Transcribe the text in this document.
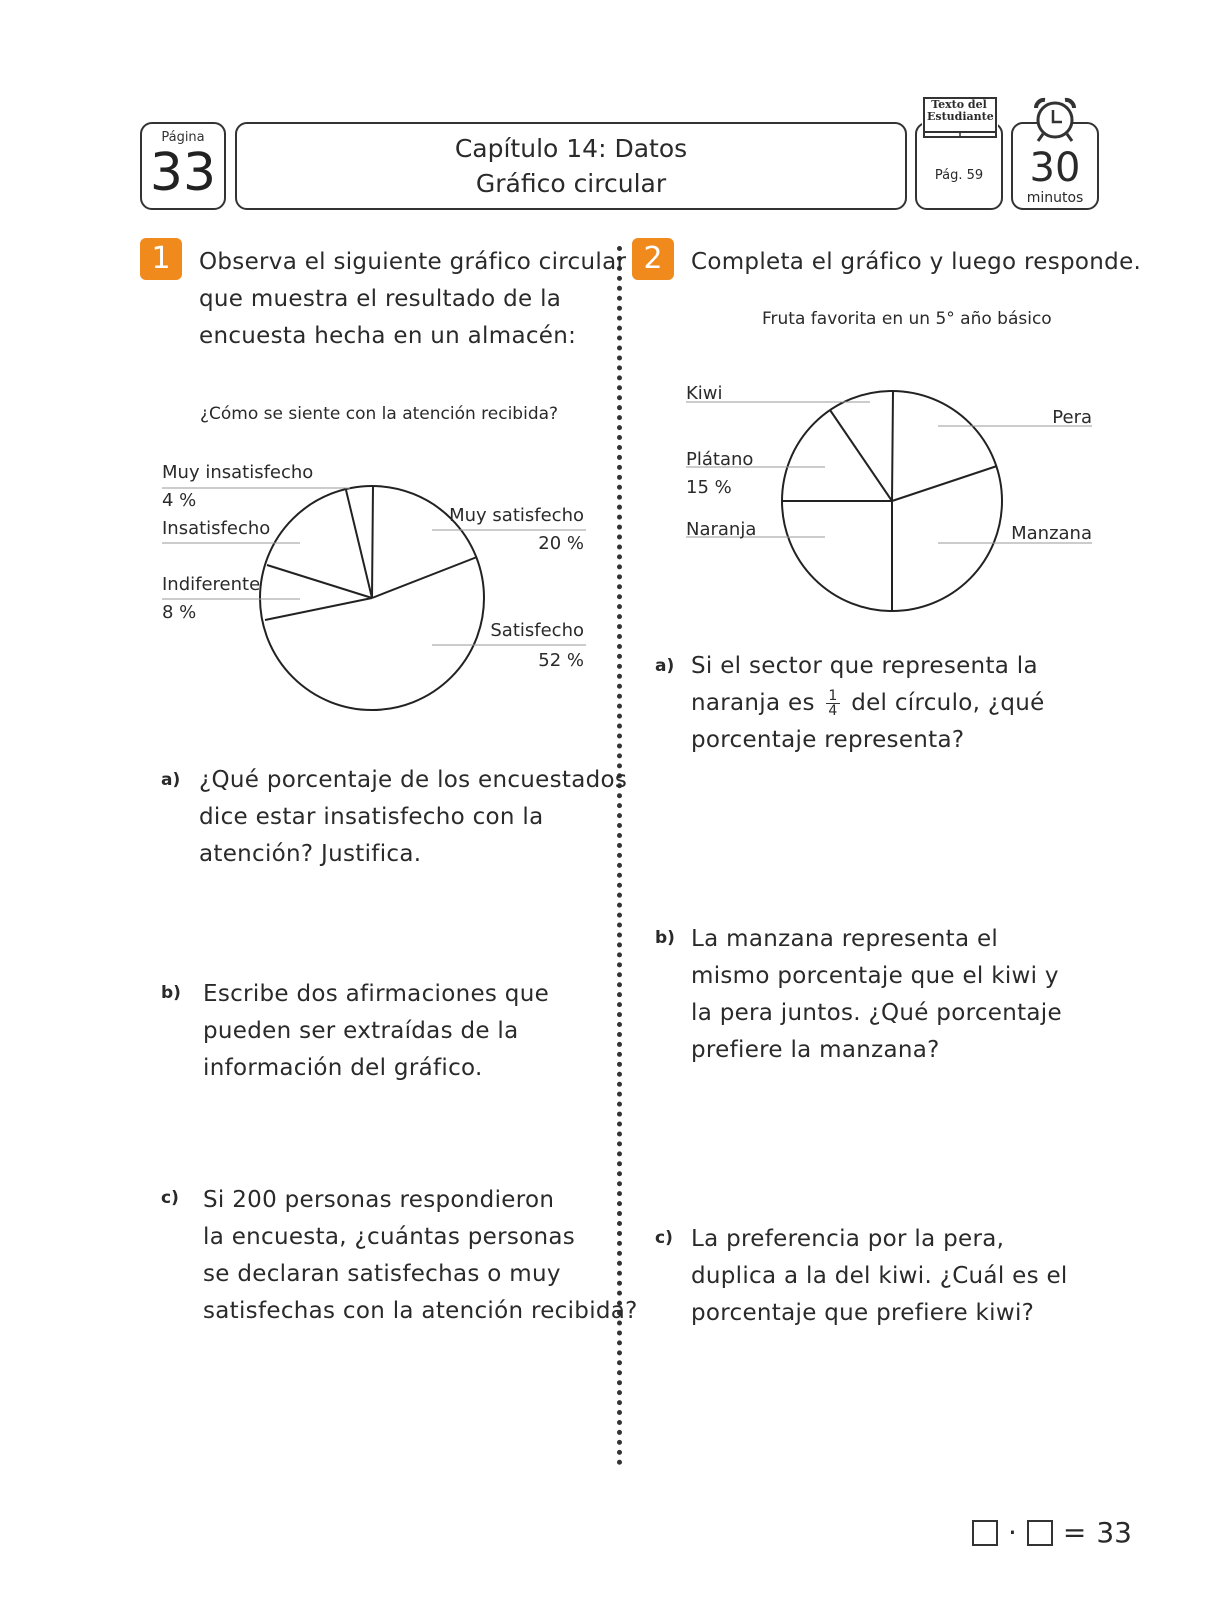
Página
33	Capítulo 14: Datos
Gráfico circular	Pág. 59
Texto del Estudiante
30
minutos
1	Observa el siguiente gráfico circular
que muestra el resultado de la
encuesta hecha en un almacén:
¿Cómo se siente con la atención recibida?
Muy insatisfecho
4 %
Insatisfecho
Indiferente
8 %
Muy satisfecho
20 %
Satisfecho
52 %
a) ¿Qué porcentaje de los encuestados
dice estar insatisfecho con la
atención? Justifica.
b) Escribe dos afirmaciones que
pueden ser extraídas de la
información del gráfico.
c) Si 200 personas respondieron
la encuesta, ¿cuántas personas
se declaran satisfechas o muy
satisfechas con la atención recibida?
2	Completa el gráfico y luego responde.
Fruta favorita en un 5° año básico
Kiwi
Plátano
15 %
Naranja
Pera
Manzana
a) Si el sector que representa la
naranja es $\frac{1}{4}$ del círculo, ¿qué
porcentaje representa?
b) La manzana representa el
mismo porcentaje que el kiwi y
la pera juntos. ¿Qué porcentaje
prefiere la manzana?
c) La preferencia por la pera,
duplica a la del kiwi. ¿Cuál es el
porcentaje que prefiere kiwi?
· = 33
